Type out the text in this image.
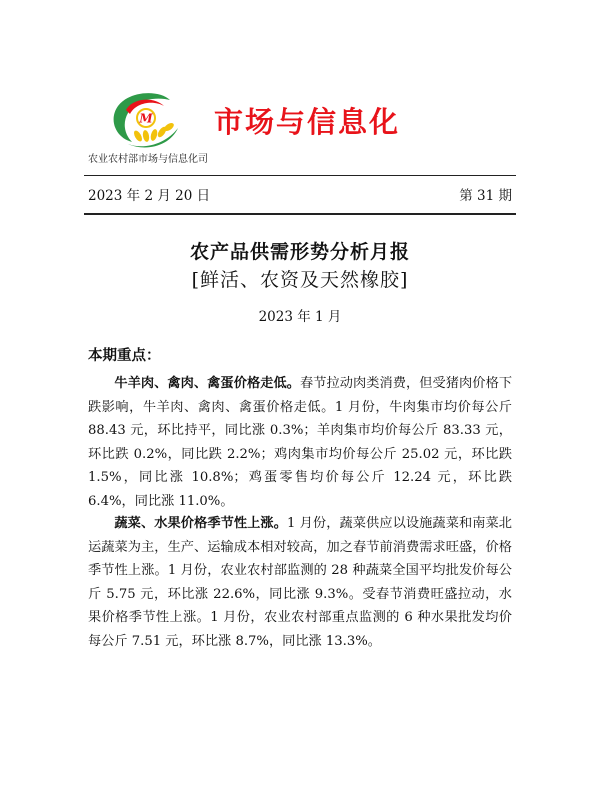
M
农业农村部市场与信息化司
市场与信息化
2023 年 2 月 20 日	第 31 期
农产品供需形势分析月报
[鲜活、农资及天然橡胶]
2023 年 1 月
本期重点：

牛羊肉、禽肉、禽蛋价格走低。春节拉动肉类消费，但受猪肉价格下跌影响，牛羊肉、禽肉、禽蛋价格走低。1 月份，牛肉集市均价每公斤 88.43 元，环比持平，同比涨 0.3%；羊肉集市均价每公斤 83.33 元，环比跌 0.2%，同比跌 2.2%；鸡肉集市均价每公斤 25.02 元，环比跌 1.5%，同比涨 10.8%；鸡蛋零售均价每公斤 12.24 元，环比跌 6.4%，同比涨 11.0%。

蔬菜、水果价格季节性上涨。1 月份，蔬菜供应以设施蔬菜和南菜北运蔬菜为主，生产、运输成本相对较高，加之春节前消费需求旺盛，价格季节性上涨。1 月份，农业农村部监测的 28 种蔬菜全国平均批发价每公斤 5.75 元，环比涨 22.6%，同比涨 9.3%。受春节消费旺盛拉动，水果价格季节性上涨。1 月份，农业农村部重点监测的 6 种水果批发均价每公斤 7.51 元，环比涨 8.7%，同比涨 13.3%。
